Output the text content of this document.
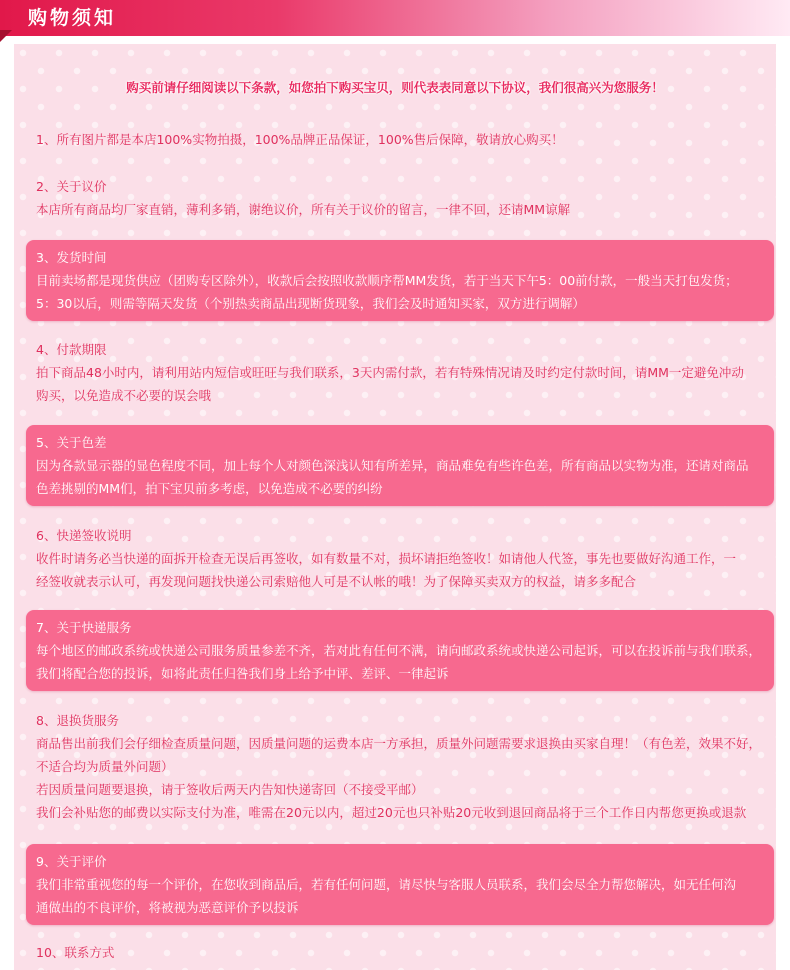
购物须知
购买前请仔细阅读以下条款，如您拍下购买宝贝，则代表表同意以下协议，我们很高兴为您服务！

1、所有图片都是本店100%实物拍摄，100%品牌正品保证，100%售后保障，敬请放心购买！

2、关于议价

本店所有商品均厂家直销，薄利多销，谢绝议价，所有关于议价的留言，一律不回，还请MM谅解

3、发货时间

目前卖场都是现货供应（团购专区除外），收款后会按照收款顺序帮MM发货，若于当天下午5：00前付款，一般当天打包发货；

5：30以后，则需等隔天发货（个别热卖商品出现断货现象，我们会及时通知买家，双方进行调解）

4、付款期限

拍下商品48小时内，请利用站内短信或旺旺与我们联系，3天内需付款，若有特殊情况请及时约定付款时间，请MM一定避免冲动

购买，以免造成不必要的误会哦

5、关于色差

因为各款显示器的显色程度不同，加上每个人对颜色深浅认知有所差异，商品难免有些许色差，所有商品以实物为准，还请对商品

色差挑剔的MM们，拍下宝贝前多考虑，以免造成不必要的纠纷

6、快递签收说明

收件时请务必当快递的面拆开检查无误后再签收，如有数量不对，损坏请拒绝签收！如请他人代签，事先也要做好沟通工作，一

经签收就表示认可，再发现问题找快递公司索赔他人可是不认帐的哦！为了保障买卖双方的权益，请多多配合

7、关于快递服务

每个地区的邮政系统或快递公司服务质量参差不齐，若对此有任何不满，请向邮政系统或快递公司起诉，可以在投诉前与我们联系，

我们将配合您的投诉，如将此责任归咎我们身上给予中评、差评、一律起诉

8、退换货服务

商品售出前我们会仔细检查质量问题，因质量问题的运费本店一方承担，质量外问题需要求退换由买家自理！（有色差，效果不好，

不适合均为质量外问题）

若因质量问题要退换，请于签收后两天内告知快递寄回（不接受平邮）

我们会补贴您的邮费以实际支付为准，唯需在20元以内，超过20元也只补贴20元收到退回商品将于三个工作日内帮您更换或退款

9、关于评价

我们非常重视您的每一个评价，在您收到商品后，若有任何问题，请尽快与客服人员联系，我们会尽全力帮您解决，如无任何沟

通做出的不良评价，将被视为恶意评价予以投诉

10、联系方式
